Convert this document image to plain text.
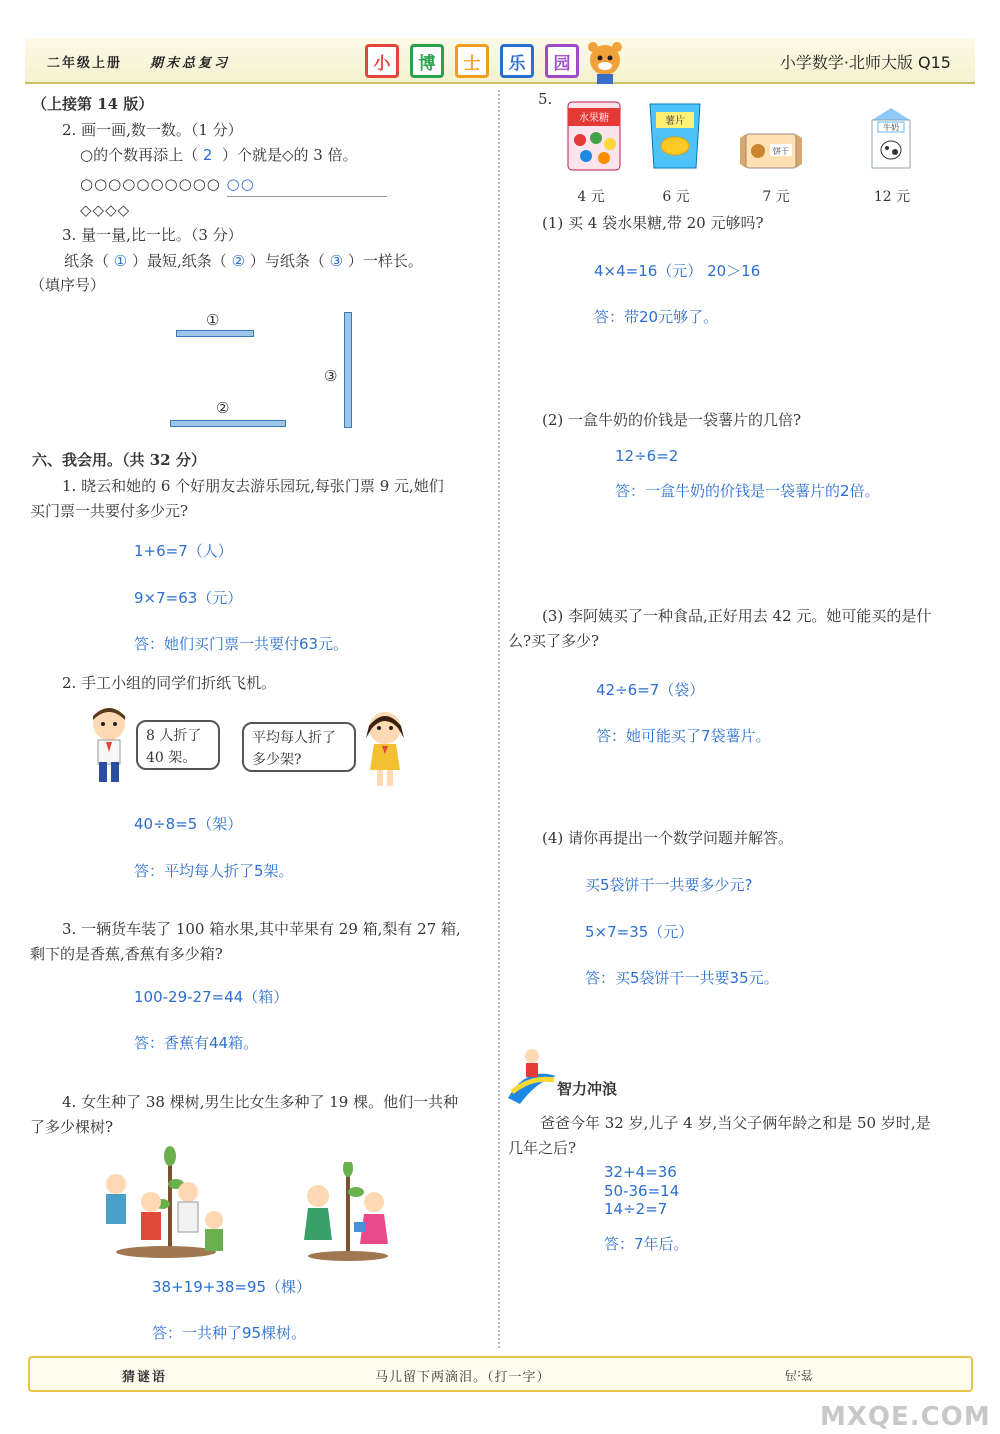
二年级上册 期末总复习	小	博	士	乐	园	小学数学·北师大版 Q15
（上接第 14 版）
2. 画一画,数一数。（1 分）
○的个数再添上（ 2 ）个就是◇的 3 倍。
○○○○○○○○○○ ○○
◇◇◇◇
3. 量一量,比一比。（3 分）
纸条（ ① ）最短,纸条（ ② ）与纸条（ ③ ）一样长。
（填序号）
①
②
③
六、我会用。（共 32 分）
1. 晓云和她的 6 个好朋友去游乐园玩,每张门票 9 元,她们
买门票一共要付多少元?
1+6=7（人）
9×7=63（元）
答：她们买门票一共要付63元。
2. 手工小组的同学们折纸飞机。
8 人折了
40 架。
平均每人折了
多少架?
40÷8=5（架）
答：平均每人折了5架。
3. 一辆货车装了 100 箱水果,其中苹果有 29 箱,梨有 27 箱,
剩下的是香蕉,香蕉有多少箱?
100-29-27=44（箱）
答：香蕉有44箱。
4. 女生种了 38 棵树,男生比女生多种了 19 棵。他们一共种
了多少棵树?
38+19+38=95（棵）
答：一共种了95棵树。
5.
水果糖	薯片
饼干
牛奶
4 元	6 元	7 元	12 元
(1) 买 4 袋水果糖,带 20 元够吗?
4×4=16（元） 20＞16
答：带20元够了。
(2) 一盒牛奶的价钱是一袋薯片的几倍?
12÷6=2
答：一盒牛奶的价钱是一袋薯片的2倍。
(3) 李阿姨买了一种食品,正好用去 42 元。她可能买的是什
么?买了多少?
42÷6=7（袋）
答：她可能买了7袋薯片。
(4) 请你再提出一个数学问题并解答。
买5袋饼干一共要多少元?
5×7=35（元）
答：买5袋饼干一共要35元。
智力冲浪
爸爸今年 32 岁,儿子 4 岁,当父子俩年龄之和是 50 岁时,是
几年之后?
32+4=36
50-36=14
14÷2=7
答：7年后。
猜谜语	马儿留下两滴泪。（打一字）	答:冯
MXQE.COM
